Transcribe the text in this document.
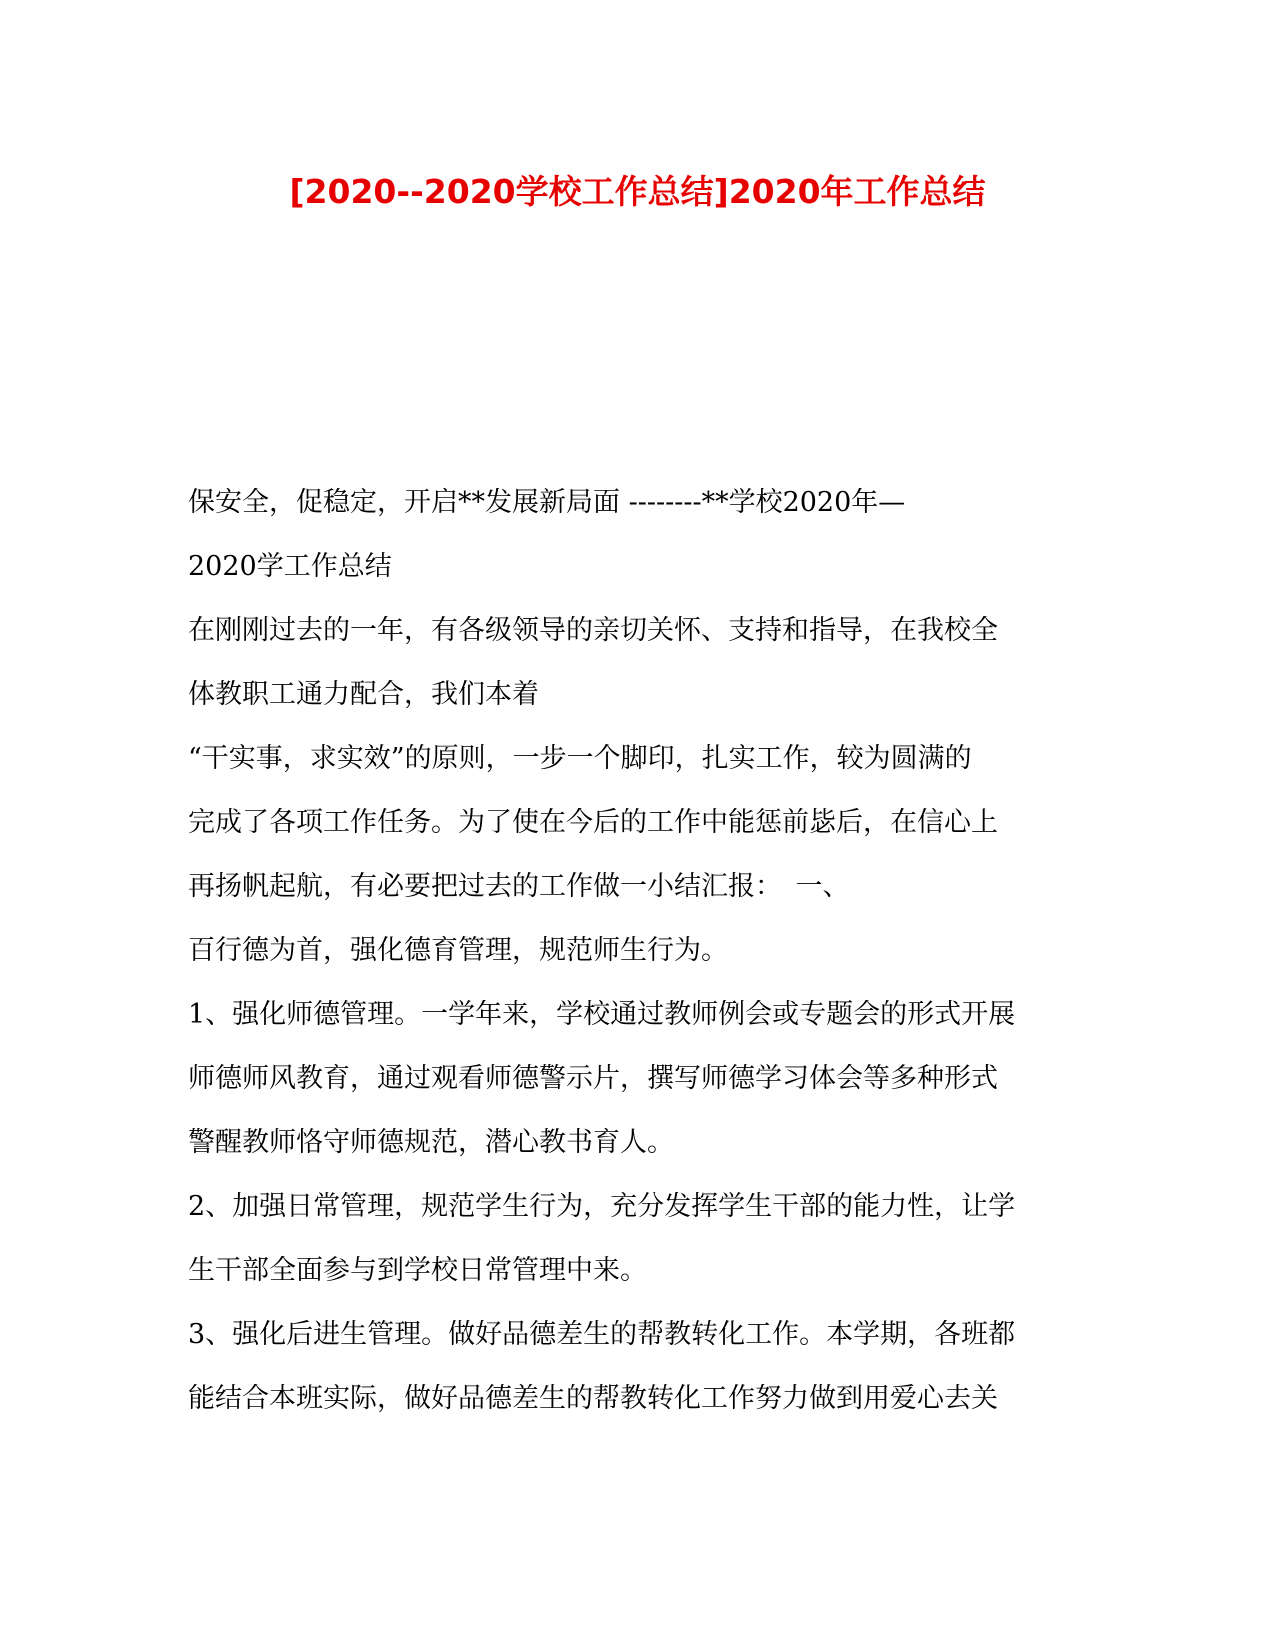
[2020--2020学校工作总结]2020年工作总结
保安全，促稳定，开启**发展新局面 --------**学校2020年—
2020学工作总结
在刚刚过去的一年，有各级领导的亲切关怀、支持和指导，在我校全
体教职工通力配合，我们本着
“干实事，求实效”的原则，一步一个脚印，扎实工作，较为圆满的
完成了各项工作任务。为了使在今后的工作中能惩前毖后，在信心上
再扬帆起航，有必要把过去的工作做一小结汇报：　一、
百行德为首，强化德育管理，规范师生行为。
1、强化师德管理。一学年来，学校通过教师例会或专题会的形式开展
师德师风教育，通过观看师德警示片，撰写师德学习体会等多种形式
警醒教师恪守师德规范，潜心教书育人。
2、加强日常管理，规范学生行为，充分发挥学生干部的能力性，让学
生干部全面参与到学校日常管理中来。
3、强化后进生管理。做好品德差生的帮教转化工作。本学期，各班都
能结合本班实际，做好品德差生的帮教转化工作努力做到用爱心去关
